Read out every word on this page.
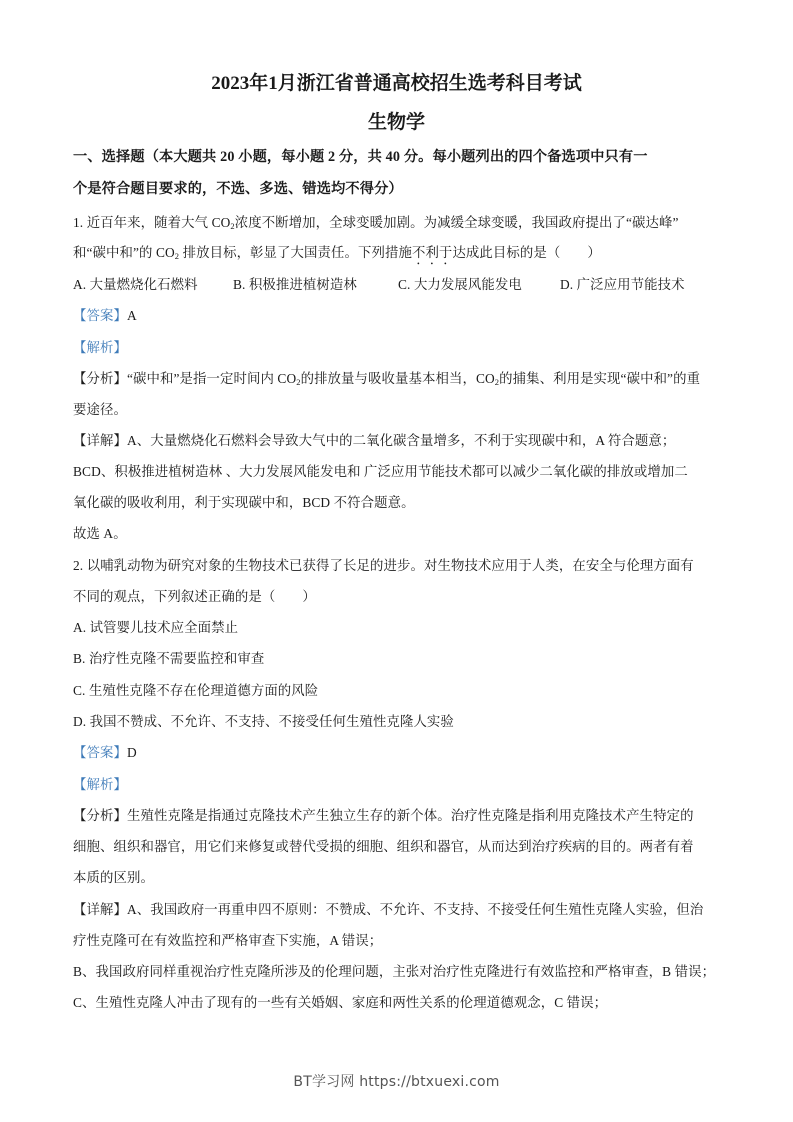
2023年1月浙江省普通高校招生选考科目考试
生物学
一、选择题（本大题共 20 小题，每小题 2 分，共 40 分。每小题列出的四个备选项中只有一
个是符合题目要求的，不选、多选、错选均不得分）
1. 近百年来，随着大气 $CO_2$浓度不断增加，全球变暖加剧。为减缓全球变暖，我国政府提出了“碳达峰”
和“碳中和”的 $CO_2$ 排放目标，彰显了大国责任。下列措施不利于达成此目标的是（　　）
A. 大量燃烧化石燃料	B. 积极推进植树造林	C. 大力发展风能发电	D. 广泛应用节能技术
【答案】A
【解析】
【分析】“碳中和”是指一定时间内 $CO_2$的排放量与吸收量基本相当，$CO_2$的捕集、利用是实现“碳中和”的重
要途径。
【详解】A、大量燃烧化石燃料会导致大气中的二氧化碳含量增多，不利于实现碳中和，A 符合题意；
BCD、积极推进植树造林 、大力发展风能发电和 广泛应用节能技术都可以减少二氧化碳的排放或增加二
氧化碳的吸收利用，利于实现碳中和，BCD 不符合题意。
故选 A。
2. 以哺乳动物为研究对象的生物技术已获得了长足的进步。对生物技术应用于人类，在安全与伦理方面有
不同的观点，下列叙述正确的是（　　）
A. 试管婴儿技术应全面禁止
B. 治疗性克隆不需要监控和审查
C. 生殖性克隆不存在伦理道德方面的风险
D. 我国不赞成、不允许、不支持、不接受任何生殖性克隆人实验
【答案】D
【解析】
【分析】生殖性克隆是指通过克隆技术产生独立生存的新个体。治疗性克隆是指利用克隆技术产生特定的
细胞、组织和器官，用它们来修复或替代受损的细胞、组织和器官，从而达到治疗疾病的目的。两者有着
本质的区别。
【详解】A、我国政府一再重申四不原则：不赞成、不允许、不支持、不接受任何生殖性克隆人实验，但治
疗性克隆可在有效监控和严格审查下实施，A 错误；
B、我国政府同样重视治疗性克隆所涉及的伦理问题，主张对治疗性克隆进行有效监控和严格审查，B 错误；
C、生殖性克隆人冲击了现有的一些有关婚姻、家庭和两性关系的伦理道德观念，C 错误；
BT学习网 https://btxuexi.com
